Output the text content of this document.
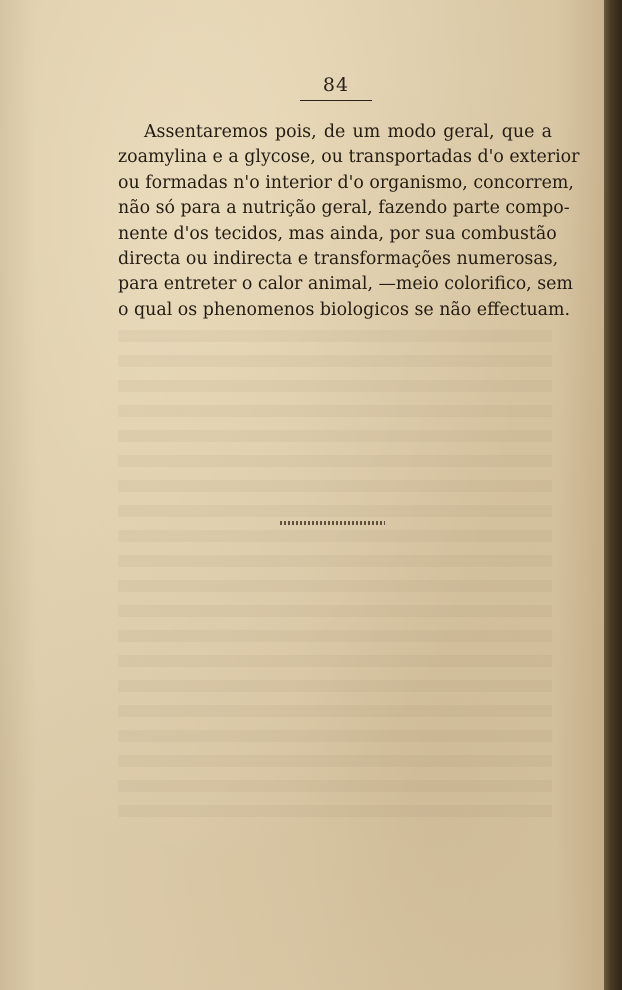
84

Assentaremos pois, de um modo geral, que a
zoamylina e a glycose, ou transportadas d'o exterior
ou formadas n'o interior d'o organismo, concorrem,
não só para a nutrição geral, fazendo parte compo-
nente d'os tecidos, mas ainda, por sua combustão
directa ou indirecta e transformações numerosas,
para entreter o calor animal, —meio colorifico, sem
o qual os phenomenos biologicos se não effectuam.
